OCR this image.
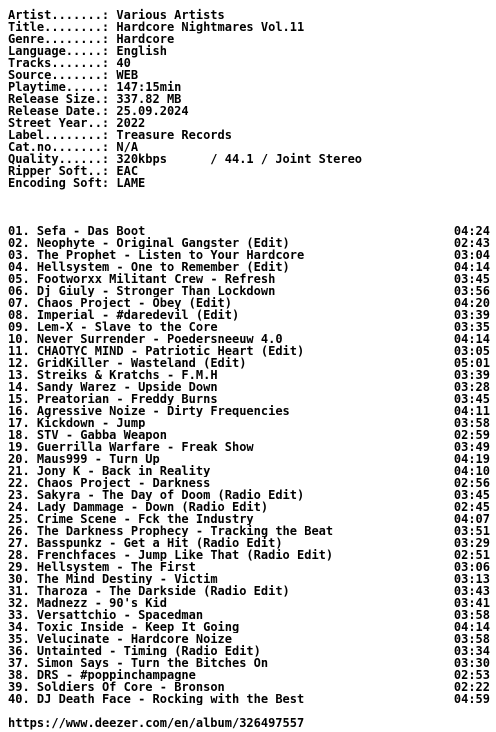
Artist.......: Various Artists
Title........: Hardcore Nightmares Vol.11
Genre........: Hardcore
Language.....: English
Tracks.......: 40
Source.......: WEB
Playtime.....: 147:15min
Release Size.: 337.82 MB
Release Date.: 25.09.2024
Street Year..: 2022
Label........: Treasure Records
Cat.no.......: N/A
Quality......: 320kbps      / 44.1 / Joint Stereo
Ripper Soft..: EAC
Encoding Soft: LAME
01. Sefa - Das Boot	04:24
02. Neophyte - Original Gangster (Edit)	02:43
03. The Prophet - Listen to Your Hardcore	03:04
04. Hellsystem - One to Remember (Edit)	04:14
05. Footworxx Militant Crew - Refresh	03:45
06. Dj Giuly - Stronger Than Lockdown	03:56
07. Chaos Project - Obey (Edit)	04:20
08. Imperial - #daredevil (Edit)	03:39
09. Lem-X - Slave to the Core	03:35
10. Never Surrender - Poedersneeuw 4.0	04:14
11. CHAOTYC MIND - Patriotic Heart (Edit)	03:05
12. GridKiller - Wasteland (Edit)	05:01
13. Streiks & Kratchs - F.M.H	03:39
14. Sandy Warez - Upside Down	03:28
15. Preatorian - Freddy Burns	03:45
16. Agressive Noize - Dirty Frequencies	04:11
17. Kickdown - Jump	03:58
18. STV - Gabba Weapon	02:59
19. Guerrilla Warfare - Freak Show	03:49
20. Maus999 - Turn Up	04:19
21. Jony K - Back in Reality	04:10
22. Chaos Project - Darkness	02:56
23. Sakyra - The Day of Doom (Radio Edit)	03:45
24. Lady Dammage - Down (Radio Edit)	02:45
25. Crime Scene - Fck the Industry	04:07
26. The Darkness Prophecy - Tracking the Beat	03:51
27. Basspunkz - Get a Hit (Radio Edit)	03:29
28. Frenchfaces - Jump Like That (Radio Edit)	02:51
29. Hellsystem - The First	03:06
30. The Mind Destiny - Victim	03:13
31. Tharoza - The Darkside (Radio Edit)	03:43
32. Madnezz - 90's Kid	03:41
33. Versattchio - Spacedman	03:58
34. Toxic Inside - Keep It Going	04:14
35. Velucinate - Hardcore Noize	03:58
36. Untainted - Timing (Radio Edit)	03:34
37. Simon Says - Turn the Bitches On	03:30
38. DRS - #poppinchampagne	02:53
39. Soldiers Of Core - Bronson	02:22
40. DJ Death Face - Rocking with the Best	04:59
https://www.deezer.com/en/album/326497557
